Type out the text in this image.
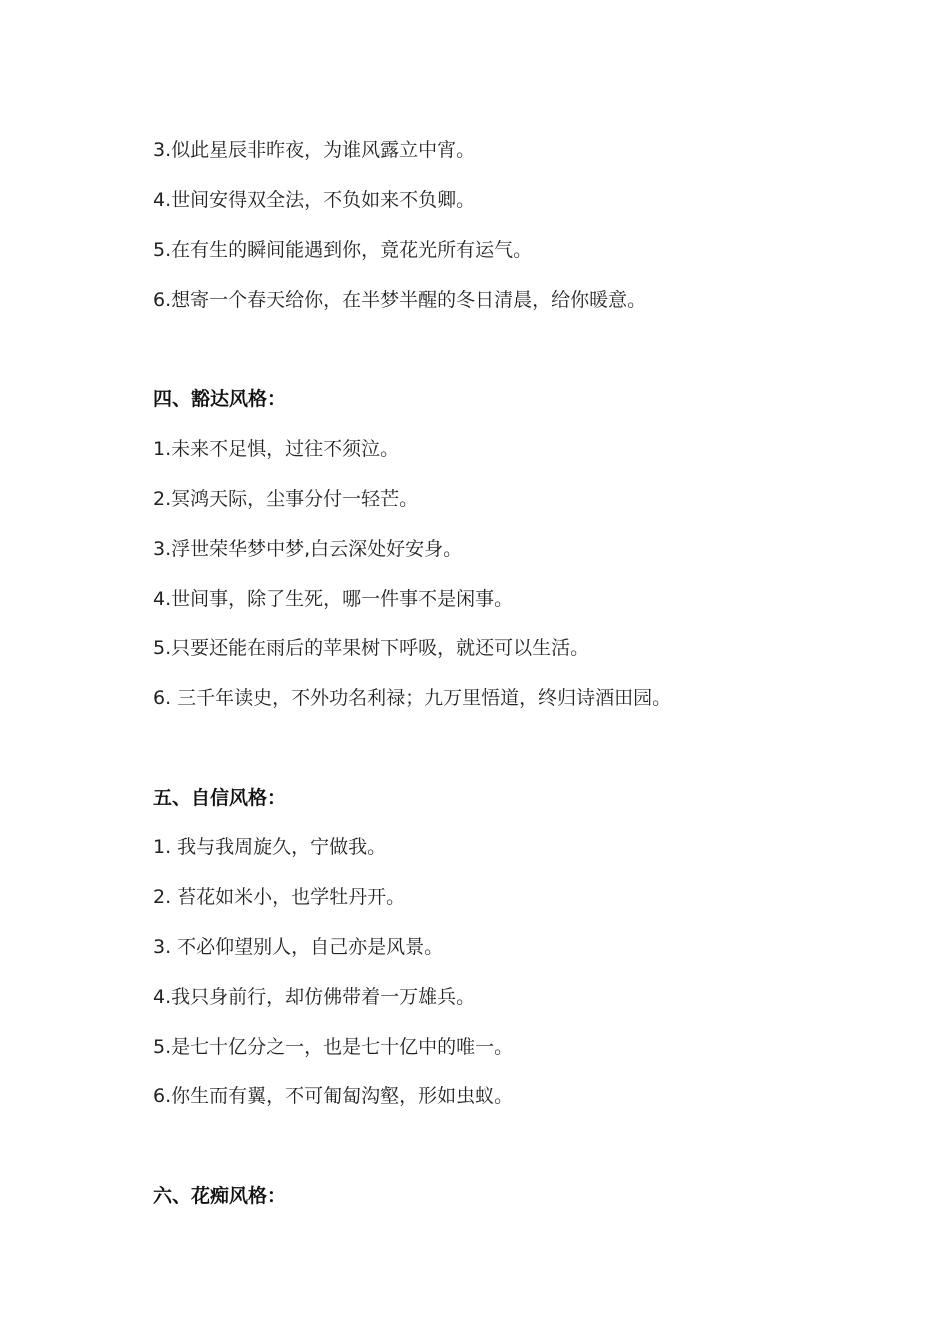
3.似此星辰非昨夜，为谁风露立中宵。
4.世间安得双全法，不负如来不负卿。
5.在有生的瞬间能遇到你，竟花光所有运气。
6.想寄一个春天给你，在半梦半醒的冬日清晨，给你暖意。
四、豁达风格：
1.未来不足惧，过往不须泣。
2.冥鸿天际，尘事分付一轻芒。
3.浮世荣华梦中梦,白云深处好安身。
4.世间事，除了生死，哪一件事不是闲事。
5.只要还能在雨后的苹果树下呼吸，就还可以生活。
6. 三千年读史，不外功名利禄；九万里悟道，终归诗酒田园。
五、自信风格：
1. 我与我周旋久，宁做我。
2. 苔花如米小，也学牡丹开。
3. 不必仰望别人，自己亦是风景。
4.我只身前行，却仿佛带着一万雄兵。
5.是七十亿分之一，也是七十亿中的唯一。
6.你生而有翼，不可匍匐沟壑，形如虫蚁。
六、花痴风格：
